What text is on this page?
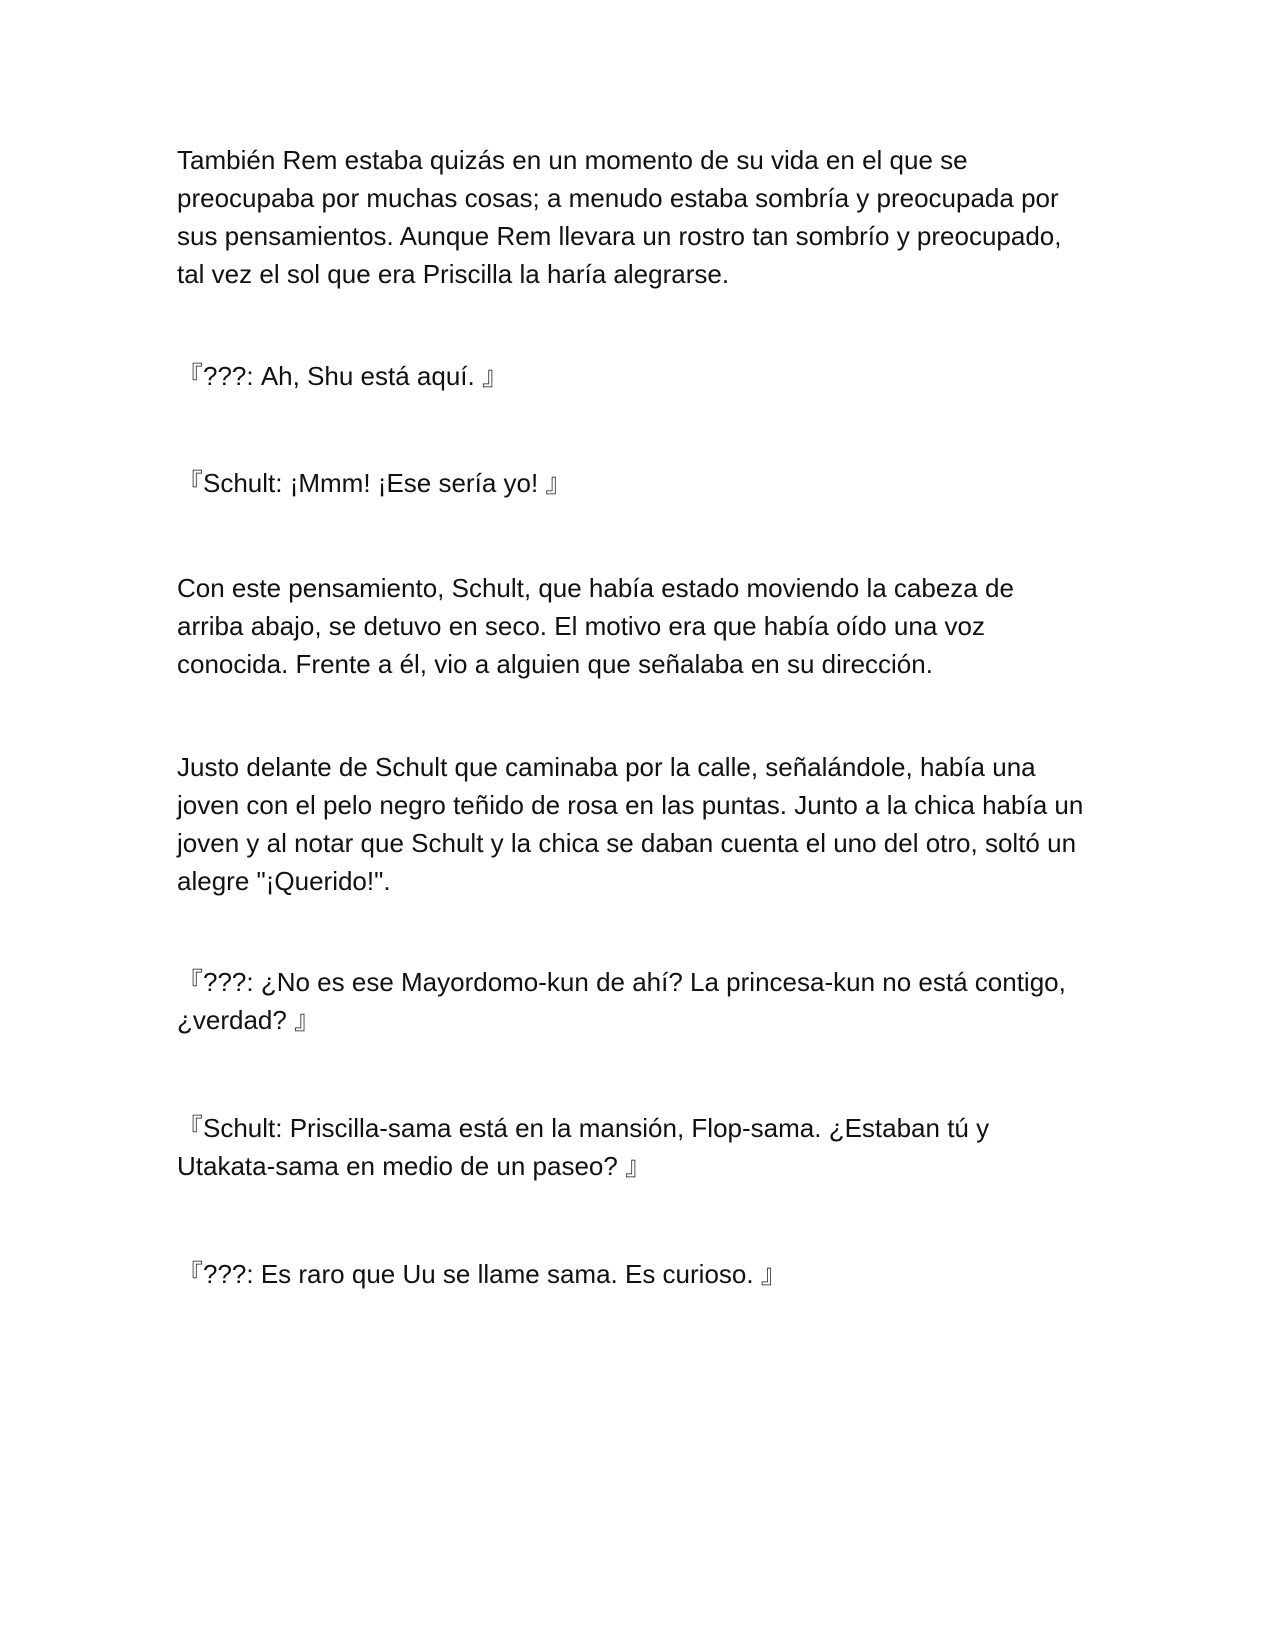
También Rem estaba quizás en un momento de su vida en el que se
preocupaba por muchas cosas; a menudo estaba sombría y preocupada por
sus pensamientos. Aunque Rem llevara un rostro tan sombrío y preocupado,
tal vez el sol que era Priscilla la haría alegrarse.

『???: Ah, Shu está aquí. 』

『Schult: ¡Mmm! ¡Ese sería yo! 』

Con este pensamiento, Schult, que había estado moviendo la cabeza de
arriba abajo, se detuvo en seco. El motivo era que había oído una voz
conocida. Frente a él, vio a alguien que señalaba en su dirección.

Justo delante de Schult que caminaba por la calle, señalándole, había una
joven con el pelo negro teñido de rosa en las puntas. Junto a la chica había un
joven y al notar que Schult y la chica se daban cuenta el uno del otro, soltó un
alegre "¡Querido!".

『???: ¿No es ese Mayordomo-kun de ahí? La princesa-kun no está contigo,
¿verdad? 』

『Schult: Priscilla-sama está en la mansión, Flop-sama. ¿Estaban tú y
Utakata-sama en medio de un paseo? 』

『???: Es raro que Uu se llame sama. Es curioso. 』
